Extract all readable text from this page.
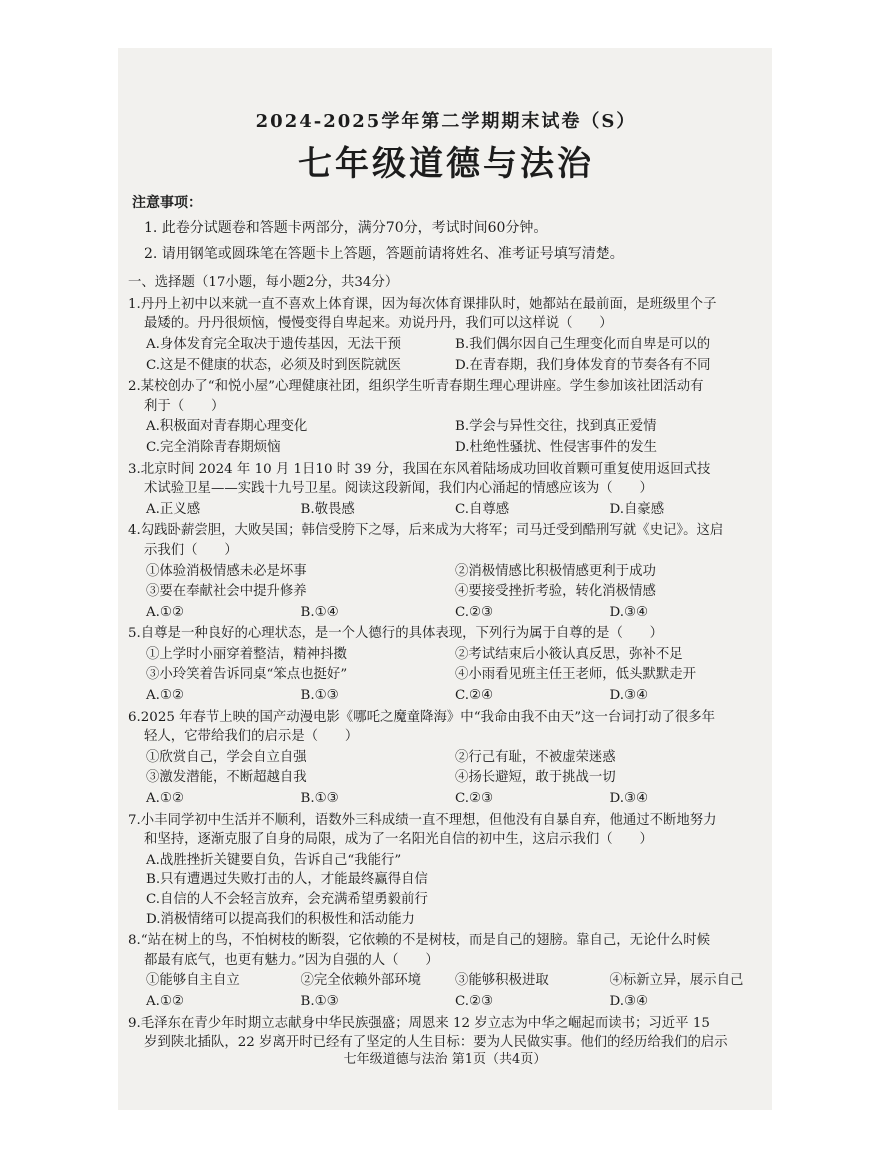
2024-2025学年第二学期期末试卷（S）
七年级道德与法治
注意事项：
1. 此卷分试题卷和答题卡两部分，满分70分，考试时间60分钟。
2. 请用钢笔或圆珠笔在答题卡上答题，答题前请将姓名、准考证号填写清楚。
一、选择题（17小题，每小题2分，共34分）
1.丹丹上初中以来就一直不喜欢上体育课，因为每次体育课排队时，她都站在最前面，是班级里个子
最矮的。丹丹很烦恼，慢慢变得自卑起来。劝说丹丹，我们可以这样说（　　）
A.身体发育完全取决于遗传基因，无法干预	B.我们偶尔因自己生理变化而自卑是可以的
C.这是不健康的状态，必须及时到医院就医	D.在青春期，我们身体发育的节奏各有不同
2.某校创办了“和悦小屋”心理健康社团，组织学生听青春期生理心理讲座。学生参加该社团活动有
利于（　　）
A.积极面对青春期心理变化	B.学会与异性交往，找到真正爱情
C.完全消除青春期烦恼	D.杜绝性骚扰、性侵害事件的发生
3.北京时间 2024 年 10 月 1日10 时 39 分，我国在东风着陆场成功回收首颗可重复使用返回式技
术试验卫星——实践十九号卫星。阅读这段新闻，我们内心涌起的情感应该为（　　）
A.正义感	B.敬畏感	C.自尊感	D.自豪感
4.勾践卧薪尝胆，大败吴国；韩信受胯下之辱，后来成为大将军；司马迁受到酷刑写就《史记》。这启
示我们（　　）
①体验消极情感未必是坏事	②消极情感比积极情感更利于成功
③要在奉献社会中提升修养	④要接受挫折考验，转化消极情感
A.①②	B.①④	C.②③	D.③④
5.自尊是一种良好的心理状态，是一个人德行的具体表现，下列行为属于自尊的是（　　）
①上学时小丽穿着整洁，精神抖擞	②考试结束后小筱认真反思，弥补不足
③小玲笑着告诉同桌“笨点也挺好”	④小雨看见班主任王老师，低头默默走开
A.①②	B.①③	C.②④	D.③④
6.2025 年春节上映的国产动漫电影《哪吒之魔童降海》中“我命由我不由天”这一台词打动了很多年
轻人，它带给我们的启示是（　　）
①欣赏自己，学会自立自强	②行己有耻，不被虚荣迷惑
③激发潜能，不断超越自我	④扬长避短，敢于挑战一切
A.①②	B.①③	C.②③	D.③④
7.小丰同学初中生活并不顺利，语数外三科成绩一直不理想，但他没有自暴自弃，他通过不断地努力
和坚持，逐渐克服了自身的局限，成为了一名阳光自信的初中生，这启示我们（　　）
A.战胜挫折关键要自负，告诉自己“我能行”
B.只有遭遇过失败打击的人，才能最终赢得自信
C.自信的人不会轻言放弃，会充满希望勇毅前行
D.消极情绪可以提高我们的积极性和活动能力
8.“站在树上的鸟，不怕树枝的断裂，它依赖的不是树枝，而是自己的翅膀。靠自己，无论什么时候
都最有底气，也更有魅力。”因为自强的人（　　）
①能够自主自立	②完全依赖外部环境	③能够积极进取	④标新立异，展示自己
A.①②	B.①③	C.②③	D.③④
9.毛泽东在青少年时期立志献身中华民族强盛；周恩来 12 岁立志为中华之崛起而读书；习近平 15
岁到陕北插队，22 岁离开时已经有了坚定的人生目标：要为人民做实事。他们的经历给我们的启示
七年级道德与法治 第1页（共4页）
